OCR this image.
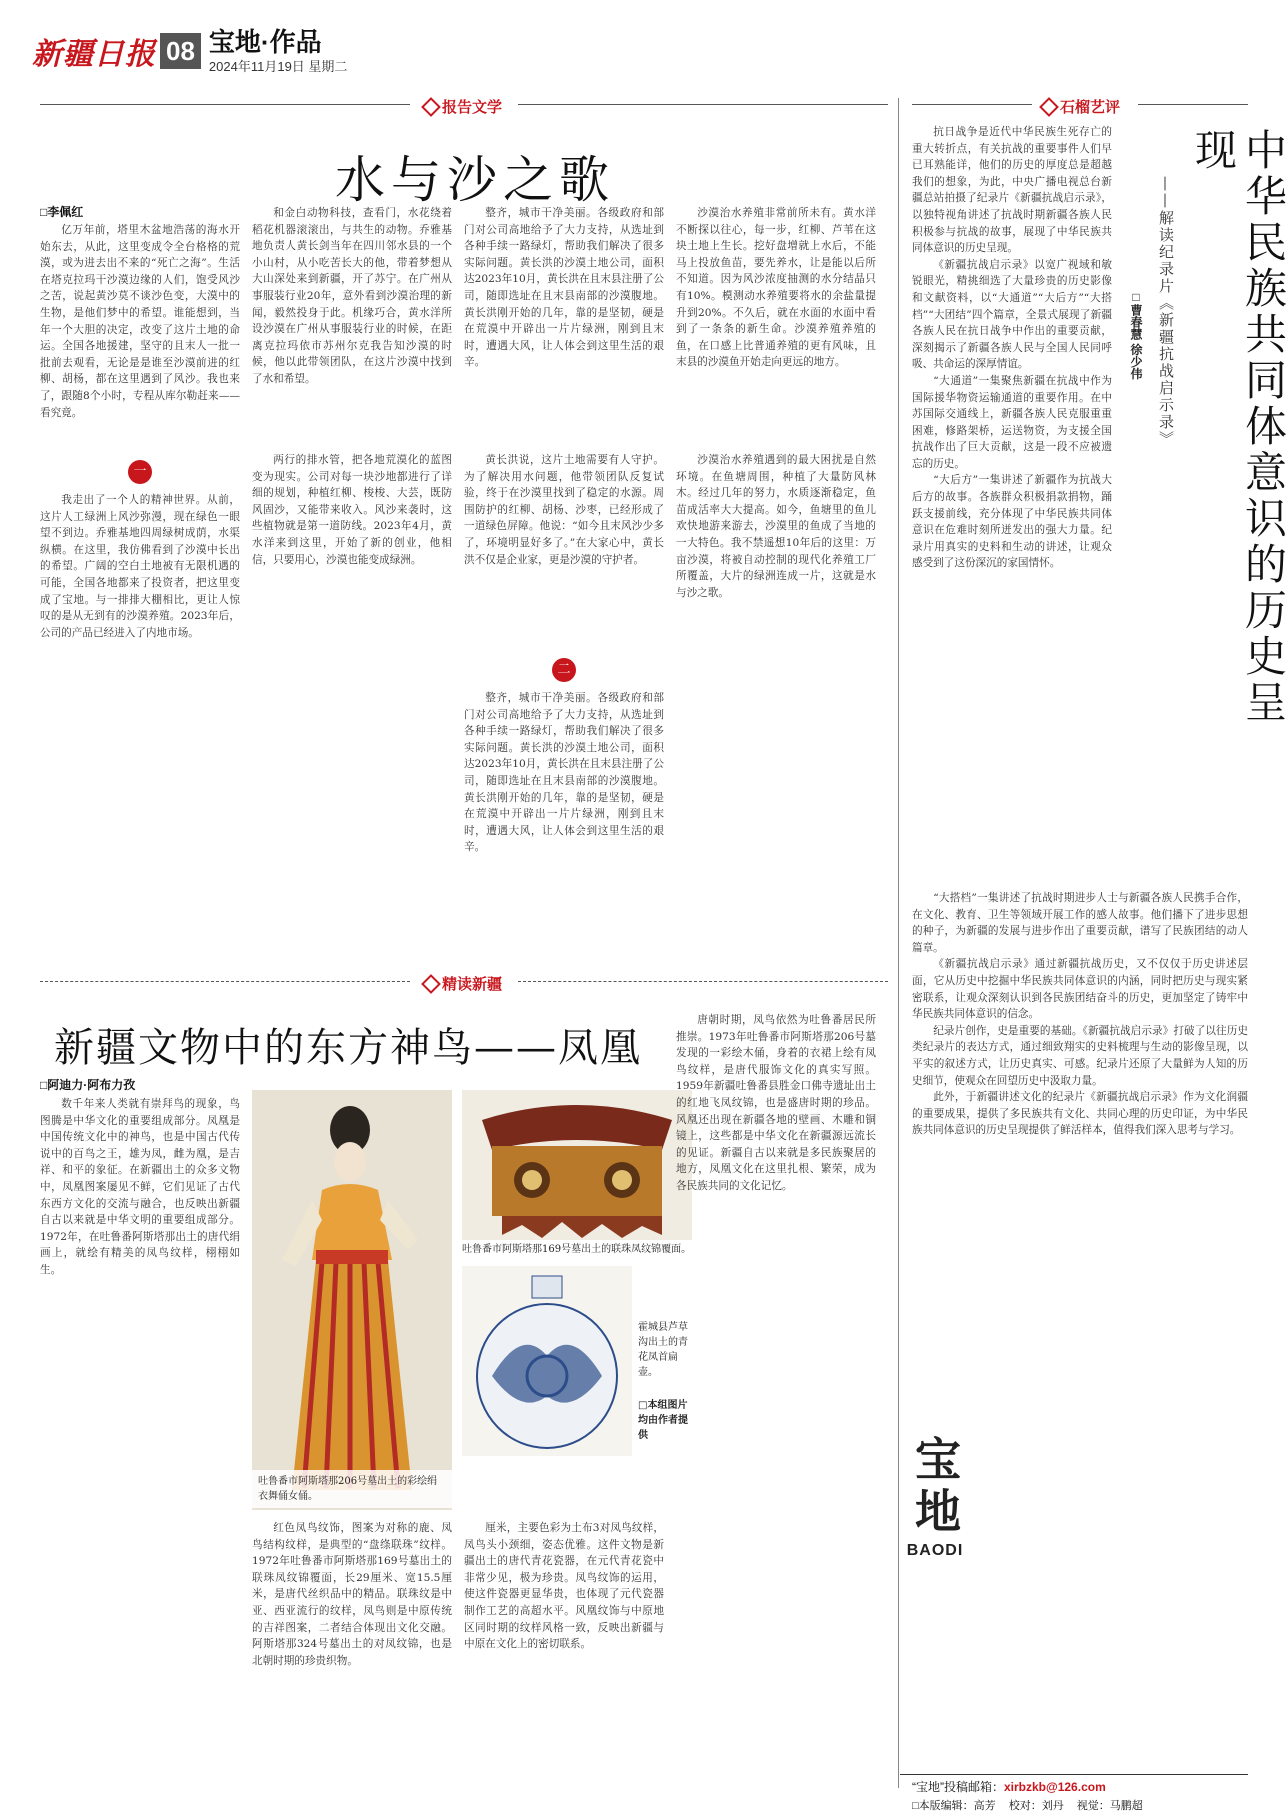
新疆日报 08 宝地·作品
2024年11月19日 星期二
报告文学
水与沙之歌
□李佩红

亿万年前，塔里木盆地浩荡的海水开始东去，从此，这里变成令全台格格的荒漠，或为进去出不来的“死亡之海”。生活在塔克拉玛干沙漠边缘的人们，饱受风沙之苦，说起黄沙莫不谈沙色变，大漠中的生物，是他们梦中的希望。谁能想到，当年一个大胆的决定，改变了这片土地的命运。全国各地援建，坚守的且末人一批一批前去观看，无论是是谁至沙漠前进的红柳、胡杨，都在这里遇到了风沙。我也来了，跟随8个小时，专程从库尔勒赶来——看究竟。

和金白动物科技，查看门，水花绕着稻花机器滚滚出，与共生的动物。乔雅基地负责人黄长剑当年在四川邻水县的一个小山村，从小吃苦长大的他，带着梦想从大山深处来到新疆，开了苏宁。在广州从事服装行业20年，意外看到沙漠治理的新闻，毅然投身于此。机缘巧合，黄水洋所设沙漠在广州从事服装行业的时候，在距离克拉玛依市苏州尔克我告知沙漠的时候，他以此带领团队，在这片沙漠中找到了水和希望。

整齐，城市干净美丽。各级政府和部门对公司高地给予了大力支持，从选址到各种手续一路绿灯，帮助我们解决了很多实际问题。黄长洪的沙漠土地公司，面积达2023年10月，黄长洪在且末县注册了公司，随即选址在且末县南部的沙漠腹地。黄长洪刚开始的几年，靠的是坚韧，硬是在荒漠中开辟出一片片绿洲，刚到且末时，遭遇大风，让人体会到这里生活的艰辛。

沙漠治水养殖非常前所未有。黄水洋不断探以往心，每一步，红柳、芦苇在这块土地上生长。挖好盘增就上水后，不能马上投放鱼苗，要先养水，让是能以后所不知道。因为风沙浓度抽测的水分结晶只有10%。模测动水养殖要将水的余盐量提升到20%。不久后，就在水面的水面中看到了一条条的新生命。沙漠养殖养殖的鱼，在口感上比普通养殖的更有风味，且末县的沙漠鱼开始走向更远的地方。

一
二

我走出了一个人的精神世界。从前，这片人工绿洲上风沙弥漫，现在绿色一眼望不到边。乔雅基地四周绿树成荫，水渠纵横。在这里，我仿佛看到了沙漠中长出的希望。广阔的空白土地被有无限机遇的可能，全国各地都来了投资者，把这里变成了宝地。与一排排大棚相比，更让人惊叹的是从无到有的沙漠养殖。2023年后，公司的产品已经进入了内地市场。

两行的排水管，把各地荒漠化的蓝图变为现实。公司对每一块沙地都进行了详细的规划，种植红柳、梭梭、大芸，既防风固沙，又能带来收入。风沙来袭时，这些植物就是第一道防线。2023年4月，黄水洋来到这里，开始了新的创业，他相信，只要用心，沙漠也能变成绿洲。

黄长洪说，这片土地需要有人守护。为了解决用水问题，他带领团队反复试验，终于在沙漠里找到了稳定的水源。周围防护的红柳、胡杨、沙枣，已经形成了一道绿色屏障。他说：“如今且末风沙少多了，环境明显好多了。”在大家心中，黄长洪不仅是企业家，更是沙漠的守护者。

整齐，城市干净美丽。各级政府和部门对公司高地给予了大力支持，从选址到各种手续一路绿灯，帮助我们解决了很多实际问题。黄长洪的沙漠土地公司，面积达2023年10月，黄长洪在且末县注册了公司，随即选址在且末县南部的沙漠腹地。黄长洪刚开始的几年，靠的是坚韧，硬是在荒漠中开辟出一片片绿洲，刚到且末时，遭遇大风，让人体会到这里生活的艰辛。

沙漠治水养殖遇到的最大困扰是自然环境。在鱼塘周围，种植了大量防风林木。经过几年的努力，水质逐渐稳定，鱼苗成活率大大提高。如今，鱼塘里的鱼儿欢快地游来游去，沙漠里的鱼成了当地的一大特色。我不禁遥想10年后的这里：万亩沙漠，将被自动控制的现代化养殖工厂所覆盖，大片的绿洲连成一片，这就是水与沙之歌。

精读新疆
新疆文物中的东方神鸟——凤凰
□阿迪力·阿布力孜

数千年来人类就有崇拜鸟的现象，鸟图腾是中华文化的重要组成部分。凤凰是中国传统文化中的神鸟，也是中国古代传说中的百鸟之王，雄为凤，雌为凰，是吉祥、和平的象征。在新疆出土的众多文物中，凤凰图案屡见不鲜，它们见证了古代东西方文化的交流与融合，也反映出新疆自古以来就是中华文明的重要组成部分。1972年，在吐鲁番阿斯塔那出土的唐代绢画上，就绘有精美的凤鸟纹样，栩栩如生。

吐鲁番市阿斯塔那206号墓出土的彩绘绢衣舞俑女俑。
吐鲁番市阿斯塔那169号墓出土的联珠凤纹锦覆面。
霍城县芦草沟出土的青花凤首扁壶。
□本组图片均由作者提供

红色凤鸟纹饰，图案为对称的鹿、凤鸟结构纹样，是典型的“盘绦联珠”纹样。1972年吐鲁番市阿斯塔那169号墓出土的联珠凤纹锦覆面，长29厘米、宽15.5厘米，是唐代丝织品中的精品。联珠纹是中亚、西亚流行的纹样，凤鸟则是中原传统的吉祥图案，二者结合体现出文化交融。阿斯塔那324号墓出土的对凤纹锦，也是北朝时期的珍贵织物。

厘米，主要色彩为土布3对凤鸟纹样，凤鸟头小颈细，姿态优雅。这件文物是新疆出土的唐代青花瓷器，在元代青花瓷中非常少见，极为珍贵。凤鸟纹饰的运用，使这件瓷器更显华贵，也体现了元代瓷器制作工艺的高超水平。风凰纹饰与中原地区同时期的纹样风格一致，反映出新疆与中原在文化上的密切联系。

唐朝时期，凤鸟依然为吐鲁番居民所推崇。1973年吐鲁番市阿斯塔那206号墓发现的一彩绘木俑，身着的衣裙上绘有凤鸟纹样，是唐代服饰文化的真实写照。1959年新疆吐鲁番县胜金口佛寺遗址出土的红地飞凤纹锦，也是盛唐时期的珍品。风凰还出现在新疆各地的壁画、木雕和铜镜上，这些都是中华文化在新疆源远流长的见证。新疆自古以来就是多民族聚居的地方，凤凰文化在这里扎根、繁荣，成为各民族共同的文化记忆。

宝地
BAODI
石榴艺评

抗日战争是近代中华民族生死存亡的重大转折点，有关抗战的重要事件人们早已耳熟能详，他们的历史的厚度总是超越我们的想象，为此，中央广播电视总台新疆总站拍摄了纪录片《新疆抗战启示录》，以独特视角讲述了抗战时期新疆各族人民积极参与抗战的故事，展现了中华民族共同体意识的历史呈现。

《新疆抗战启示录》以宽广视域和敏锐眼光，精挑细选了大量珍贵的历史影像和文献资料，以“大通道”“大后方”“大搭档”“大团结”四个篇章，全景式展现了新疆各族人民在抗日战争中作出的重要贡献，深刻揭示了新疆各族人民与全国人民同呼吸、共命运的深厚情谊。

“大通道”一集聚焦新疆在抗战中作为国际援华物资运输通道的重要作用。在中苏国际交通线上，新疆各族人民克服重重困难，修路架桥，运送物资，为支援全国抗战作出了巨大贡献，这是一段不应被遗忘的历史。

“大后方”一集讲述了新疆作为抗战大后方的故事。各族群众积极捐款捐物，踊跃支援前线，充分体现了中华民族共同体意识在危难时刻所迸发出的强大力量。纪录片用真实的史料和生动的讲述，让观众感受到了这份深沉的家国情怀。	中华民族共同体意识的历史呈现
——解读纪录片《新疆抗战启示录》
□曹春慧 徐少伟

“大搭档”一集讲述了抗战时期进步人士与新疆各族人民携手合作，在文化、教育、卫生等领域开展工作的感人故事。他们播下了进步思想的种子，为新疆的发展与进步作出了重要贡献，谱写了民族团结的动人篇章。

《新疆抗战启示录》通过新疆抗战历史，又不仅仅于历史讲述层面，它从历史中挖掘中华民族共同体意识的内涵，同时把历史与现实紧密联系，让观众深刻认识到各民族团结奋斗的历史，更加坚定了铸牢中华民族共同体意识的信念。

纪录片创作，史是重要的基础。《新疆抗战启示录》打破了以往历史类纪录片的表达方式，通过细致翔实的史料梳理与生动的影像呈现，以平实的叙述方式，让历史真实、可感。纪录片还原了大量鲜为人知的历史细节，使观众在回望历史中汲取力量。

此外，于新疆讲述文化的纪录片《新疆抗战启示录》作为文化润疆的重要成果，提供了多民族共有文化、共同心理的历史印证，为中华民族共同体意识的历史呈现提供了鲜活样本，值得我们深入思考与学习。

“宝地”投稿邮箱：xirbzkb@126.com
□本版编辑：高芳 校对：刘丹 视觉：马鹏超
